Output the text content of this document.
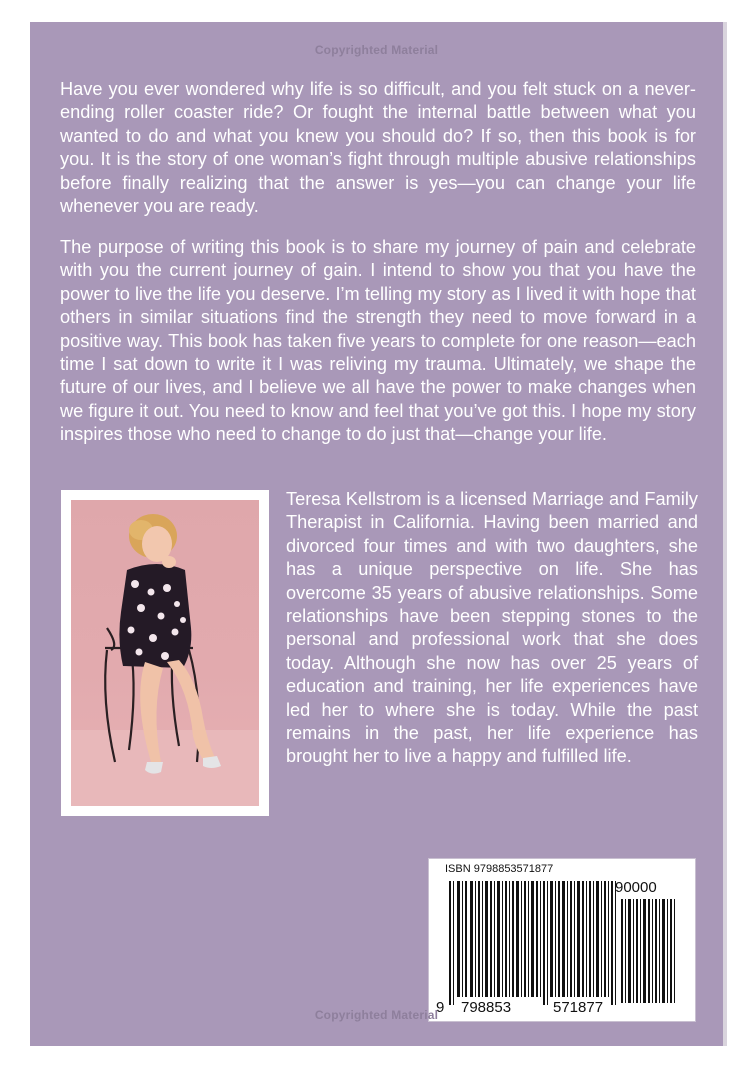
Copyrighted Material

Have you ever wondered why life is so difficult, and you felt stuck on a never-ending roller coaster ride? Or fought the internal battle between what you wanted to do and what you knew you should do? If so, then this book is for you. It is the story of one woman’s fight through multiple abusive relationships before finally realizing that the answer is yes—you can change your life whenever you are ready.

The purpose of writing this book is to share my journey of pain and celebrate with you the current journey of gain. I intend to show you that you have the power to live the life you deserve. I’m telling my story as I lived it with hope that others in similar situations find the strength they need to move forward in a positive way. This book has taken five years to complete for one reason—each time I sat down to write it I was reliving my trauma. Ultimately, we shape the future of our lives, and I believe we all have the power to make changes when we figure it out. You need to know and feel that you’ve got this. I hope my story inspires those who need to change to do just that—change your life.

Teresa Kellstrom is a licensed Marriage and Family Therapist in California. Having been married and divorced four times and with two daughters, she has a unique perspective on life. She has overcome 35 years of abusive relationships. Some relationships have been stepping stones to the personal and professional work that she does today. Although she now has over 25 years of education and training, her life experiences have led her to where she is today. While the past remains in the past, her life experience has brought her to live a happy and fulfilled life.

ISBN 9798853571877
90000
9 798853	571877
Copyrighted Material
